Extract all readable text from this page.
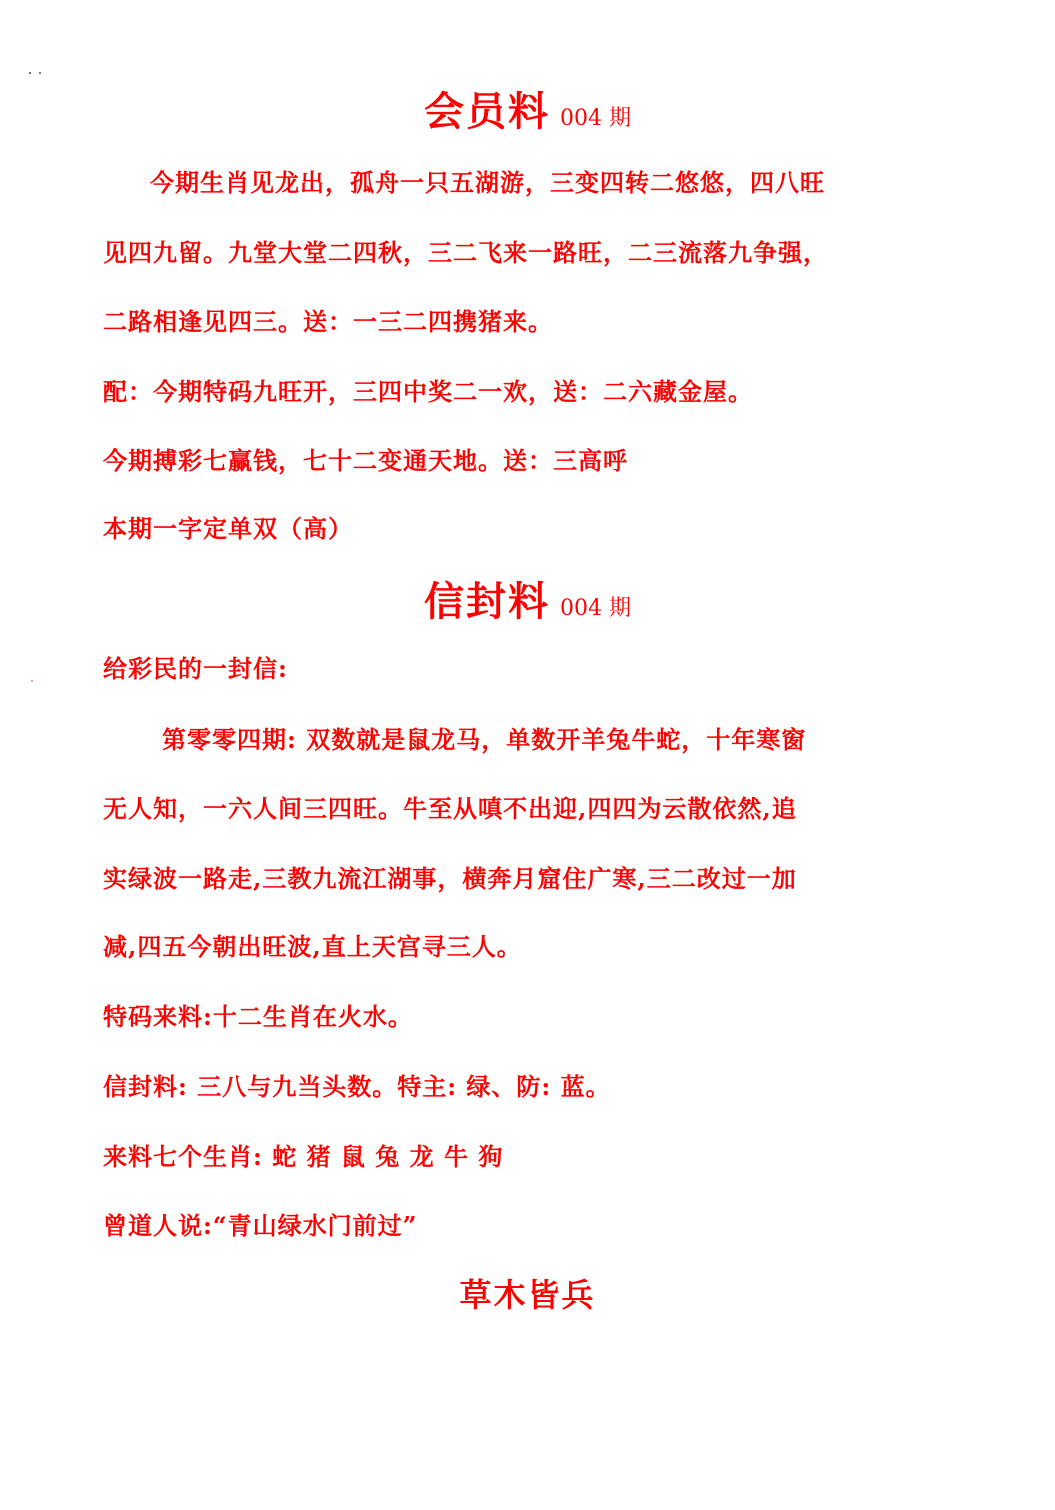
会员料 004 期
今期生肖见龙出，孤舟一只五湖游，三变四转二悠悠，四八旺
见四九留。九堂大堂二四秋，三二飞来一路旺，二三流落九争强，
二路相逢见四三。送：一三二四携猪来。
配：今期特码九旺开，三四中奖二一欢，送：二六藏金屋。
今期搏彩七赢钱，七十二变通天地。送：三高呼
本期一字定单双（高）
信封料 004 期
给彩民的一封信:
第零零四期: 双数就是鼠龙马，单数开羊兔牛蛇，十年寒窗
无人知，一六人间三四旺。牛至从嗔不出迎,四四为云散依然,追
实绿波一路走,三教九流江湖事，横奔月窟住广寒,三二改过一加
减,四五今朝出旺波,直上天宫寻三人。
特码来料:十二生肖在火水。
信封料: 三八与九当头数。特主: 绿、防: 蓝。
来料七个生肖: 蛇 猪 鼠 兔 龙 牛 狗
曾道人说:“青山绿水门前过”
草木皆兵
